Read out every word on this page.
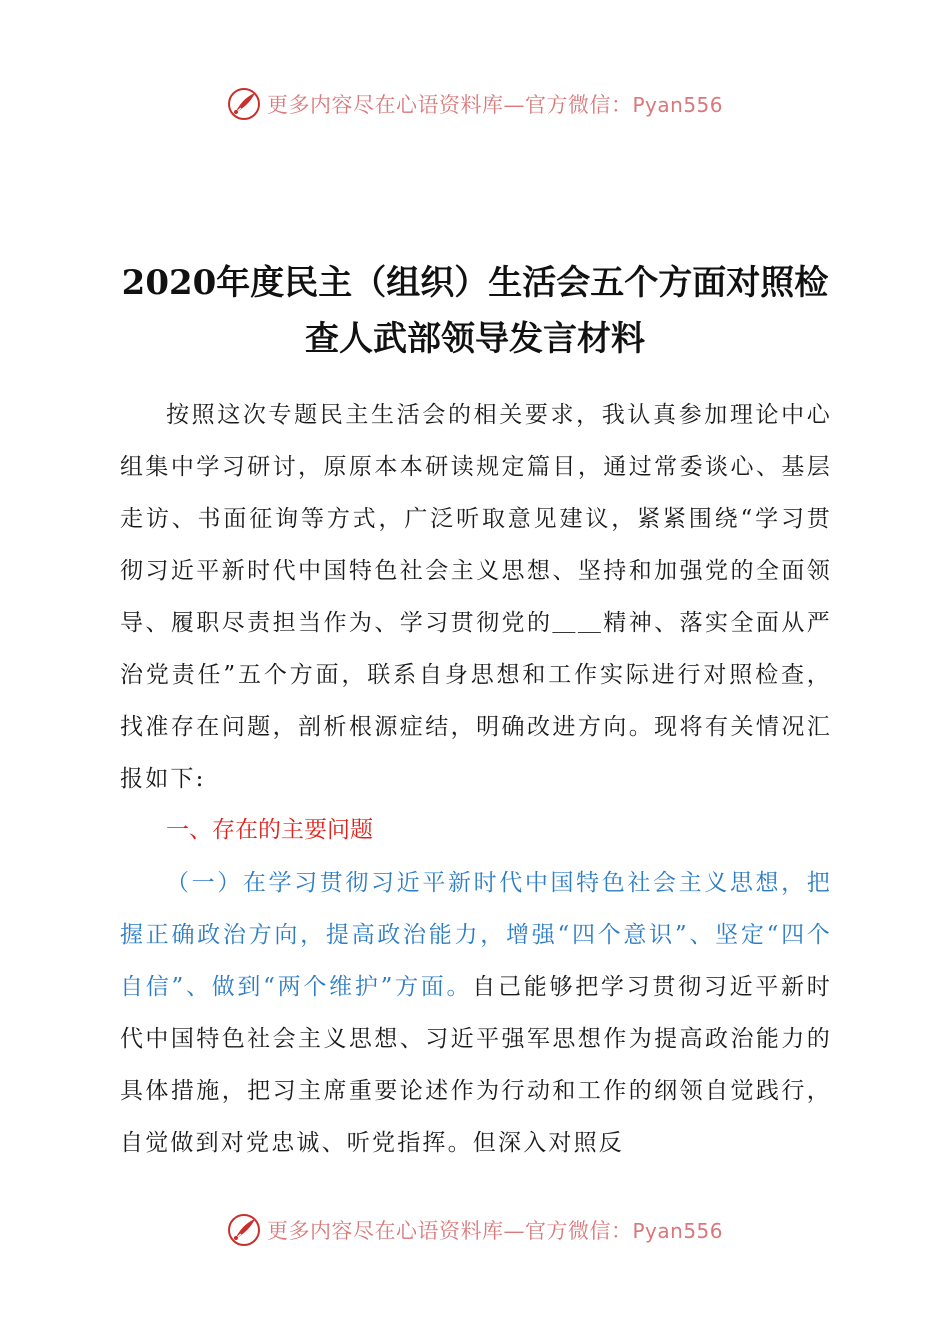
更多内容尽在心语资料库—官方微信：Pyan556
2020年度民主（组织）生活会五个方面对照检
查人武部领导发言材料

按照这次专题民主生活会的相关要求，我认真参加理论中心组集中学习研讨，原原本本研读规定篇目，通过常委谈心、基层走访、书面征询等方式，广泛听取意见建议，紧紧围绕“学习贯彻习近平新时代中国特色社会主义思想、坚持和加强党的全面领导、履职尽责担当作为、学习贯彻党的＿＿精神、落实全面从严治党责任”五个方面，联系自身思想和工作实际进行对照检查，找准存在问题，剖析根源症结，明确改进方向。现将有关情况汇报如下:

一、存在的主要问题

（一）在学习贯彻习近平新时代中国特色社会主义思想，把握正确政治方向，提高政治能力，增强“四个意识”、坚定“四个自信”、做到“两个维护”方面。自己能够把学习贯彻习近平新时代中国特色社会主义思想、习近平强军思想作为提高政治能力的具体措施，把习主席重要论述作为行动和工作的纲领自觉践行，自觉做到对党忠诚、听党指挥。但深入对照反

更多内容尽在心语资料库—官方微信：Pyan556
